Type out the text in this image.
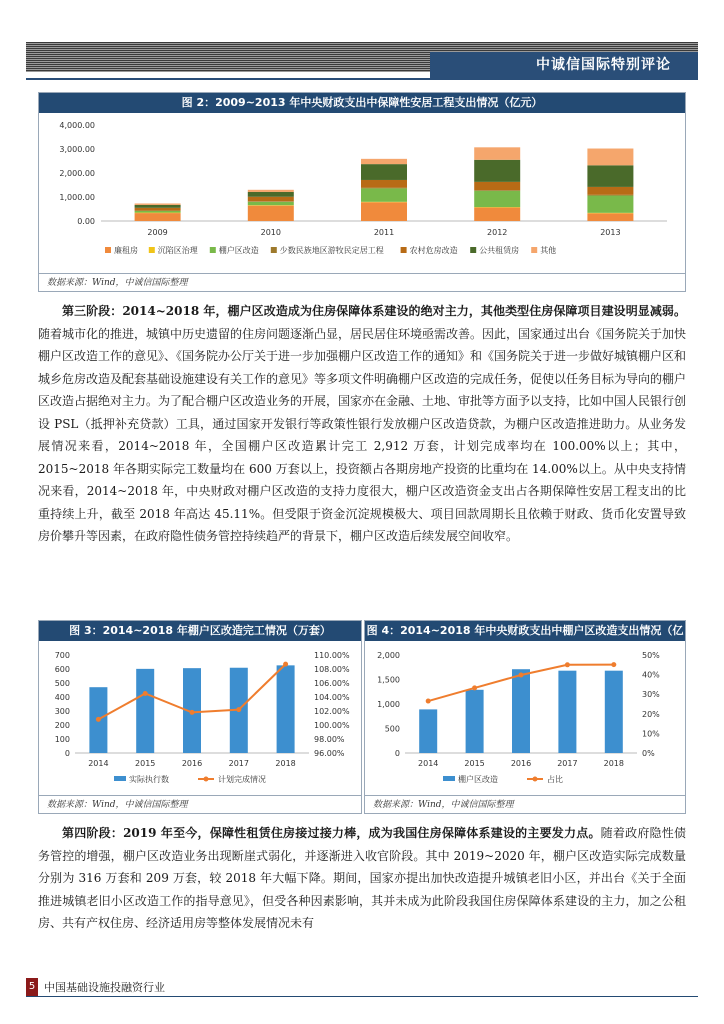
中诚信国际特别评论
图 2：2009~2013 年中央财政支出中保障性安居工程支出情况（亿元）
0.00
1,000.00
2,000.00
3,000.00
4,000.00
2009	2010	2011	2012	2013
廉租房 沉陷区治理	棚户区改造	少数民族地区游牧民定居工程	农村危房改造	公共租赁房	其他
数据来源：Wind，中诚信国际整理
第三阶段：2014~2018 年，棚户区改造成为住房保障体系建设的绝对主力，其他类型住房保障项目建设明显减弱。随着城市化的推进，城镇中历史遗留的住房问题逐渐凸显，居民居住环境亟需改善。因此，国家通过出台《国务院关于加快棚户区改造工作的意见》、《国务院办公厅关于进一步加强棚户区改造工作的通知》和《国务院关于进一步做好城镇棚户区和城乡危房改造及配套基础设施建设有关工作的意见》等多项文件明确棚户区改造的完成任务，促使以任务目标为导向的棚户区改造占据绝对主力。为了配合棚户区改造业务的开展，国家亦在金融、土地、审批等方面予以支持，比如中国人民银行创设 PSL（抵押补充贷款）工具，通过国家开发银行等政策性银行发放棚户区改造贷款，为棚户区改造推进助力。从业务发展情况来看，2014~2018 年，全国棚户区改造累计完工 2,912 万套，计划完成率均在 100.00%以上；其中，2015~2018 年各期实际完工数量均在 600 万套以上，投资额占各期房地产投资的比重均在 14.00%以上。从中央支持情况来看，2014~2018 年，中央财政对棚户区改造的支持力度很大，棚户区改造资金支出占各期保障性安居工程支出的比重持续上升，截至 2018 年高达 45.11%。但受限于资金沉淀规模极大、项目回款周期长且依赖于财政、货币化安置导致房价攀升等因素，在政府隐性债务管控持续趋严的背景下，棚户区改造后续发展空间收窄。
图 3：2014~2018 年棚户区改造完工情况（万套）
0
100
200
300
400
500
600
700
96.00%
98.00%
100.00%
102.00%
104.00%
106.00%
108.00%
110.00%
2014	2015	2016	2017	2018
实际执行数	计划完成情况
数据来源：Wind，中诚信国际整理
图 4：2014~2018 年中央财政支出中棚户区改造支出情况（亿元）
0
500
1,000
1,500
2,000
0%
10%
20%
30%
40%
50%
2014	2015	2016	2017	2018
棚户区改造	占比
数据来源：Wind，中诚信国际整理
第四阶段：2019 年至今，保障性租赁住房接过接力棒，成为我国住房保障体系建设的主要发力点。随着政府隐性债务管控的增强，棚户区改造业务出现断崖式弱化，并逐渐进入收官阶段。其中 2019~2020 年，棚户区改造实际完成数量分别为 316 万套和 209 万套，较 2018 年大幅下降。期间，国家亦提出加快改造提升城镇老旧小区，并出台《关于全面推进城镇老旧小区改造工作的指导意见》，但受各种因素影响，其并未成为此阶段我国住房保障体系建设的主力，加之公租房、共有产权住房、经济适用房等整体发展情况未有
5 中国基础设施投融资行业
